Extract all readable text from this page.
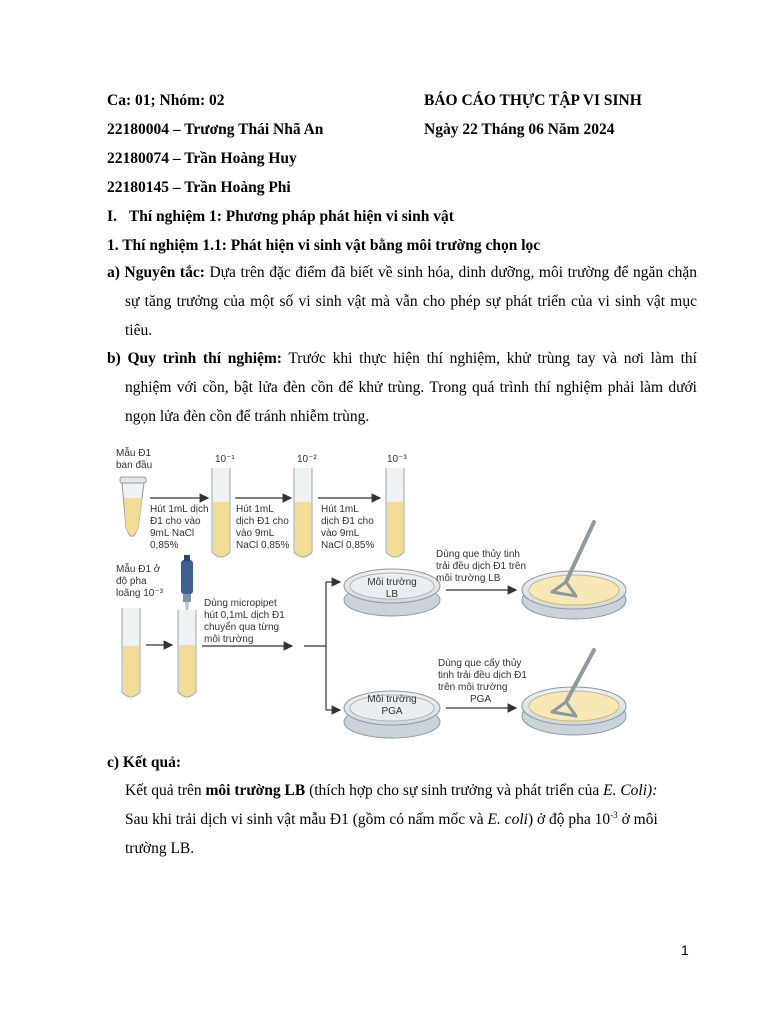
Ca: 01; Nhóm: 02	BÁO CÁO THỰC TẬP VI SINH
22180004 – Trương Thái Nhã An	Ngày 22 Tháng 06 Năm 2024
22180074 – Trần Hoàng Huy
22180145 – Trần Hoàng Phi
I. Thí nghiệm 1: Phương pháp phát hiện vi sinh vật
1. Thí nghiệm 1.1: Phát hiện vi sinh vật bằng môi trường chọn lọc
a) Nguyên tắc: Dựa trên đặc điểm đã biết về sinh hóa, dinh dưỡng, môi trường để ngăn chặn sự tăng trưởng của một số vi sinh vật mà vẫn cho phép sự phát triển của vi sinh vật mục tiêu.
b) Quy trình thí nghiệm: Trước khi thực hiện thí nghiệm, khử trùng tay và nơi làm thí nghiệm với cồn, bật lửa đèn cồn để khử trùng. Trong quá trình thí nghiệm phải làm dưới ngọn lửa đèn cồn để tránh nhiễm trùng.
Mẫu Đ1
ban đầu
Hút 1mL dịch
Đ1 cho vào
9mL NaCl
0,85%
10⁻¹
Hút 1mL
dịch Đ1 cho
vào 9mL
NaCl 0,85%
10⁻²
Hút 1mL
dịch Đ1 cho
vào 9mL
NaCl 0,85%
10⁻³
Mẫu Đ1 ở
độ pha
loãng 10⁻³
Dùng micropipet
hút 0,1mL dịch Đ1
chuyển qua từng
môi trường
Môi trường
LB
Môi trường
PGA
Dùng que thủy tinh
trải đều dịch Đ1 trên
môi trường LB
Dùng que cấy thủy
tinh trải đều dịch Đ1
trên môi trường
PGA
c) Kết quả:
Kết quả trên môi trường LB (thích hợp cho sự sinh trưởng và phát triển của E. Coli):
Sau khi trải dịch vi sinh vật mẫu Đ1 (gồm có nấm mốc và E. coli) ở độ pha $10^{-3}$ ở môi
trường LB.
1
